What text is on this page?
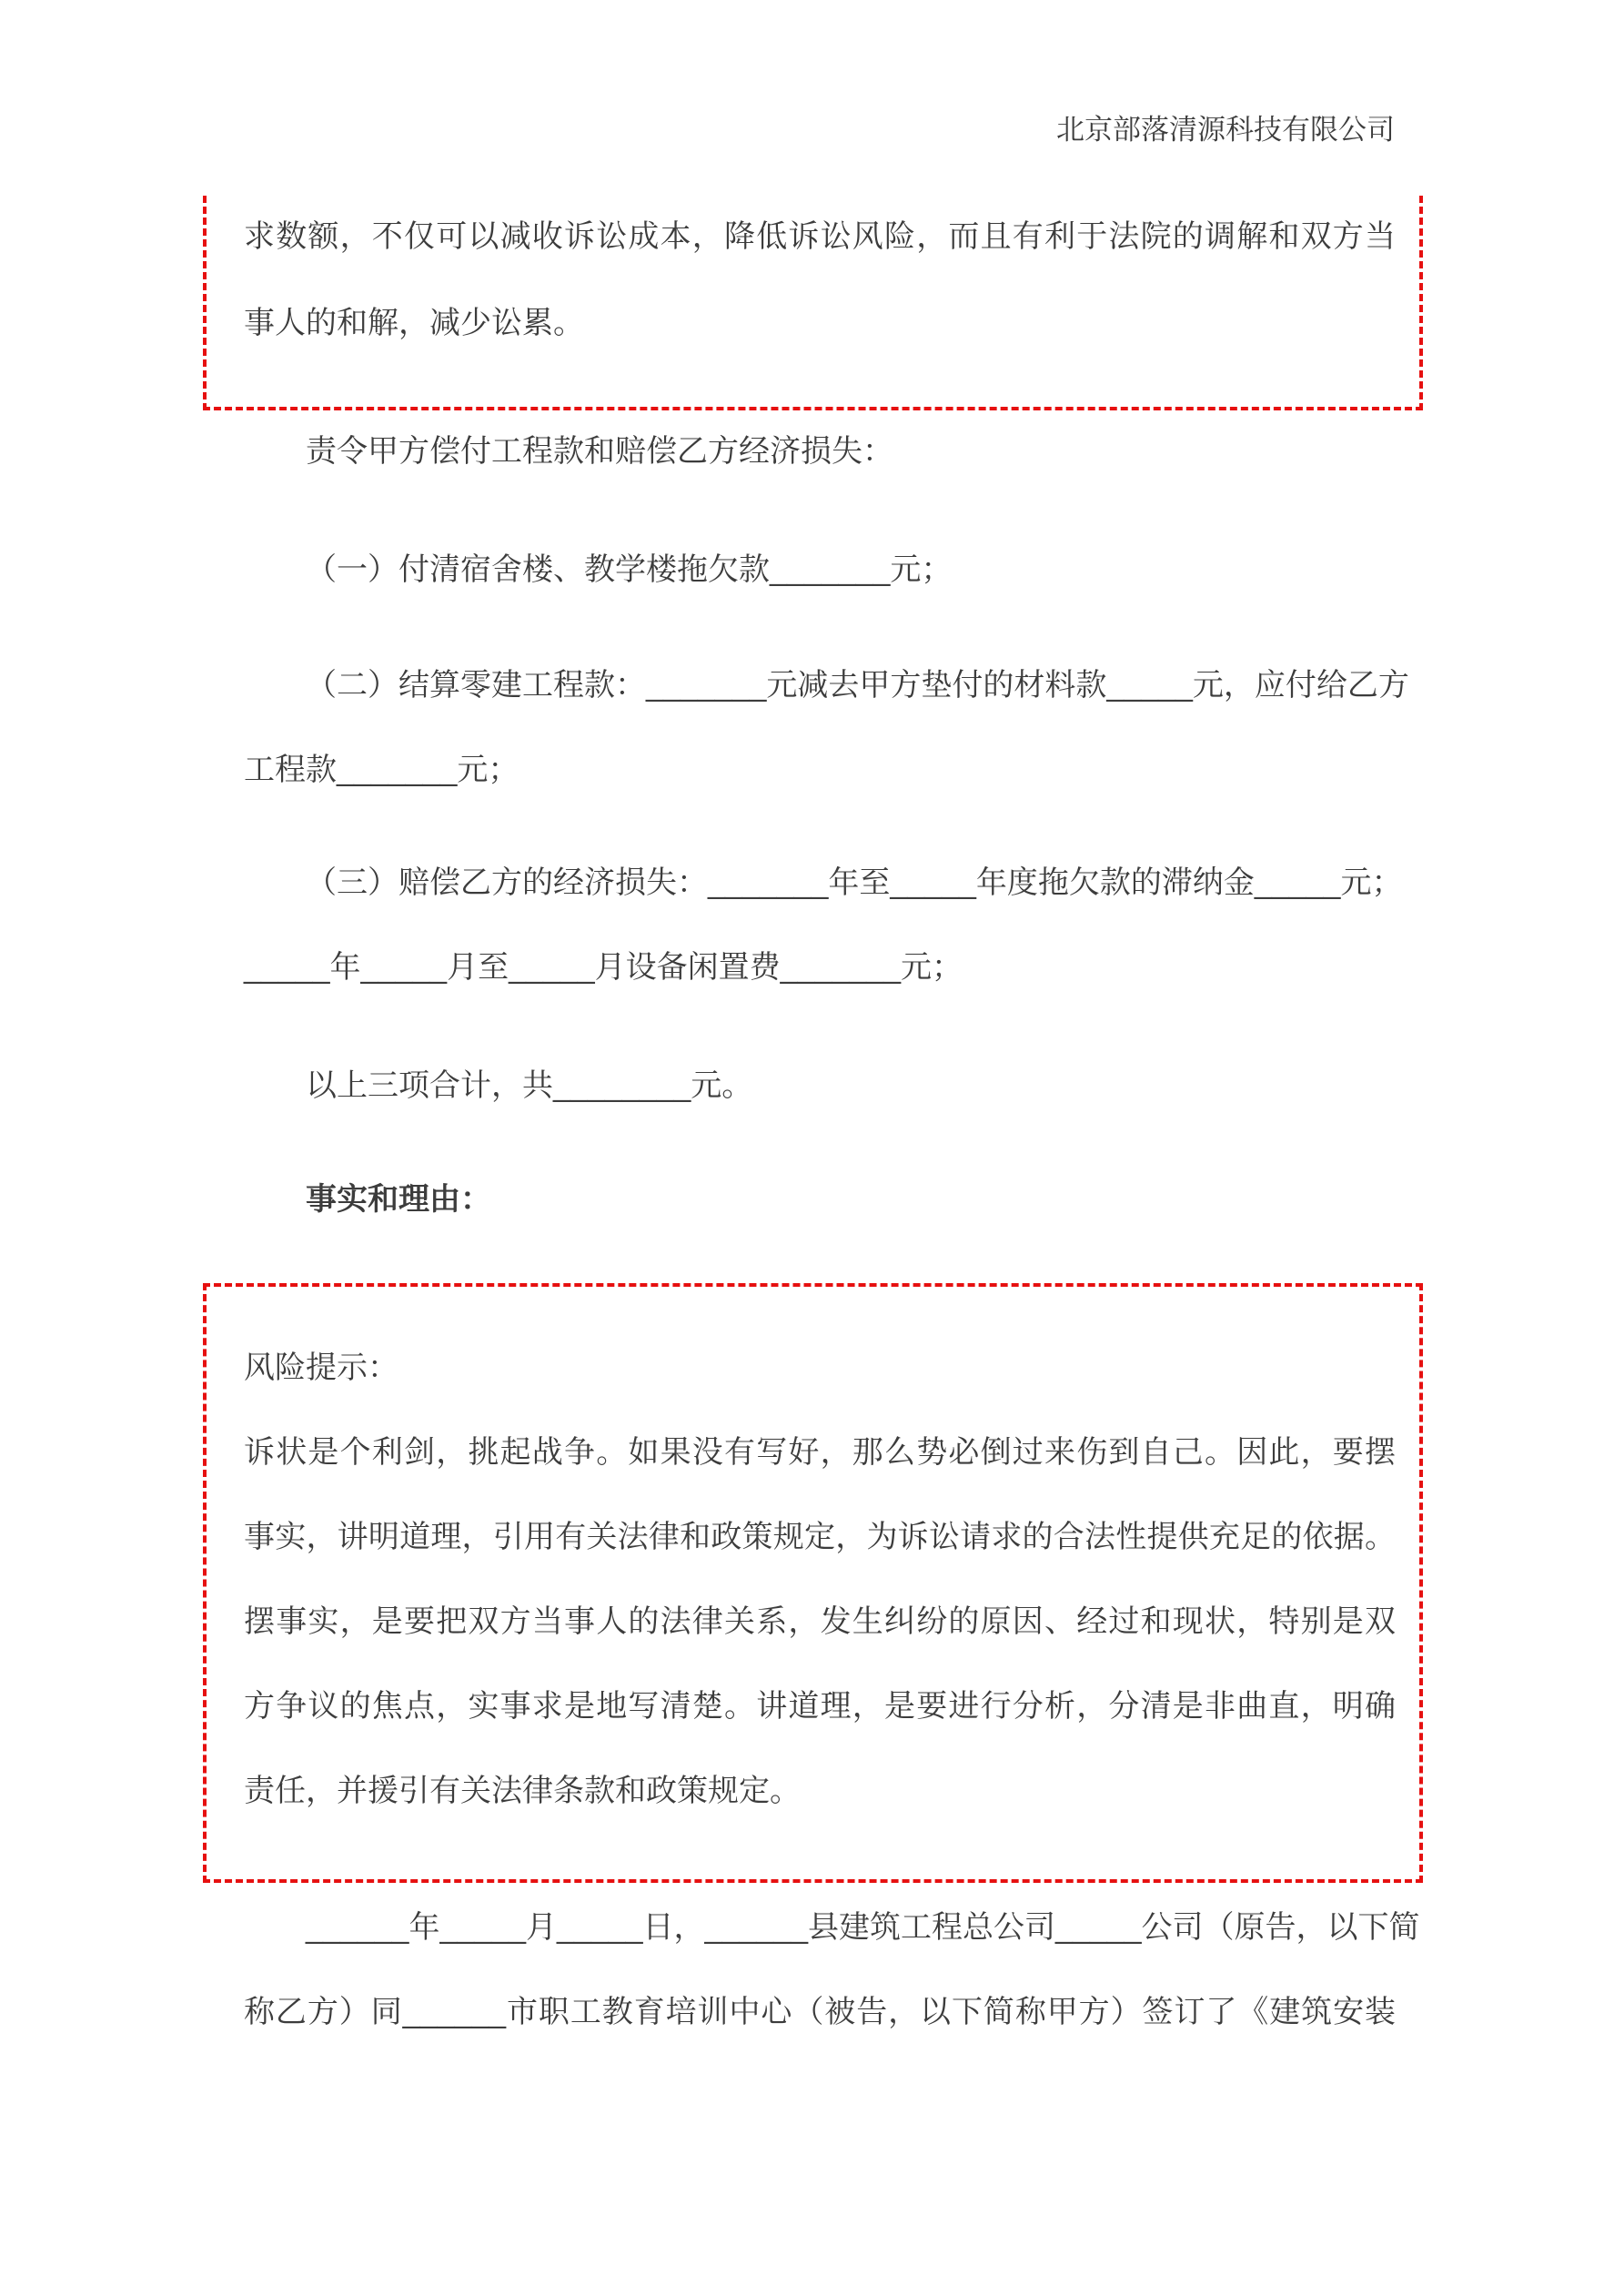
北京部落清源科技有限公司
求数额，不仅可以减收诉讼成本，降低诉讼风险，而且有利于法院的调解和双方当
事人的和解，减少讼累。
责令甲方偿付工程款和赔偿乙方经济损失：
（一）付清宿舍楼、教学楼拖欠款_______元；
（二）结算零建工程款：_______元减去甲方垫付的材料款_____元，应付给乙方
工程款_______元；
（三）赔偿乙方的经济损失：_______年至_____年度拖欠款的滞纳金_____元；
_____年_____月至_____月设备闲置费_______元；
以上三项合计，共________元。
事实和理由：
风险提示：
诉状是个利剑，挑起战争。如果没有写好，那么势必倒过来伤到自己。因此，要摆
事实，讲明道理，引用有关法律和政策规定，为诉讼请求的合法性提供充足的依据。
摆事实，是要把双方当事人的法律关系，发生纠纷的原因、经过和现状，特别是双
方争议的焦点，实事求是地写清楚。讲道理，是要进行分析，分清是非曲直，明确
责任，并援引有关法律条款和政策规定。
______年_____月_____日，______县建筑工程总公司_____公司（原告，以下简
称乙方）同______市职工教育培训中心（被告，以下简称甲方）签订了《建筑安装
